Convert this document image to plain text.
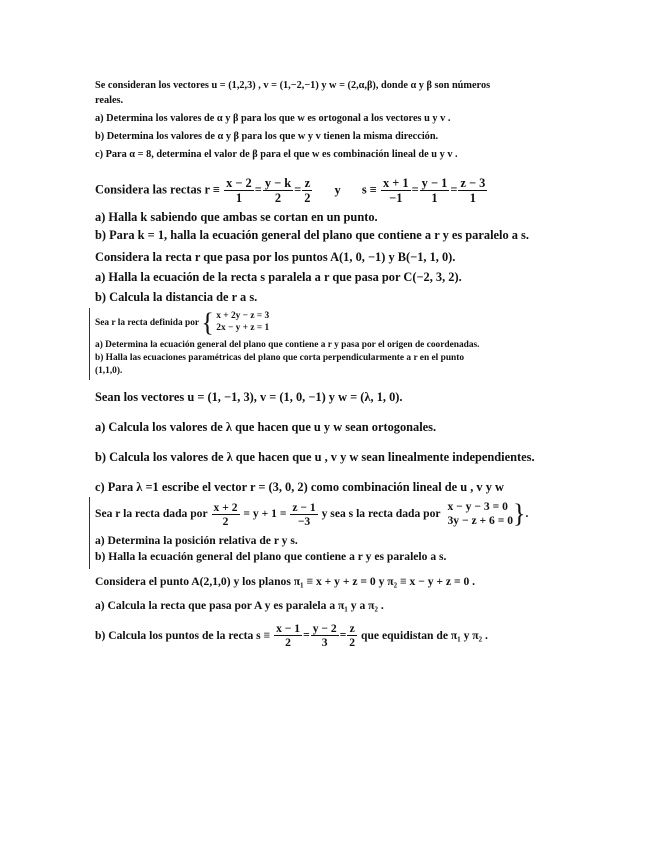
Se consideran los vectores u = (1,2,3) , v = (1,−2,−1) y w = (2,α,β), donde α y β son números
reales.
a) Determina los valores de α y β para los que w es ortogonal a los vectores u y v .
b) Determina los valores de α y β para los que w y v tienen la misma dirección.
c) Para α = 8, determina el valor de β para el que w es combinación lineal de u y v .
Considera las rectas $r \equiv \frac{x - 2}{1} = \frac{y - k}{2} = \frac{z}{2}$ y $s \equiv \frac{x + 1}{-1} = \frac{y - 1}{1} = \frac{z - 3}{1}$
a) Halla k sabiendo que ambas se cortan en un punto.
b) Para k = 1, halla la ecuación general del plano que contiene a r y es paralelo a s.
Considera la recta r que pasa por los puntos A(1, 0, −1) y B(−1, 1, 0).
a) Halla la ecuación de la recta s paralela a r que pasa por C(−2, 3, 2).
b) Calcula la distancia de r a s.
Sea r la recta definida por { x + 2y − z = 3
2x − y + z = 1
a) Determina la ecuación general del plano que contiene a r y pasa por el origen de coordenadas.
b) Halla las ecuaciones paramétricas del plano que corta perpendicularmente a r en el punto
(1,1,0).
Sean los vectores u = (1, −1, 3), v = (1, 0, −1) y w = (λ, 1, 0).
a) Calcula los valores de λ que hacen que u y w sean ortogonales.
b) Calcula los valores de λ que hacen que u , v y w sean linealmente independientes.
c) Para λ =1 escribe el vector r = (3, 0, 2) como combinación lineal de u , v y w
Sea r la recta dada por $\frac{x + 2}{2} = y + 1 = \frac{z - 1}{-3}$ y sea s la recta dada por
x − y − 3 = 0
3y − z + 6 = 0 }.
a) Determina la posición relativa de r y s.
b) Halla la ecuación general del plano que contiene a r y es paralelo a s.
Considera el punto A(2,1,0) y los planos π₁ ≡ x + y + z = 0 y π₂ ≡ x − y + z = 0 .
a) Calcula la recta que pasa por A y es paralela a π₁ y a π₂ .
b) Calcula los puntos de la recta $s \equiv \frac{x - 1}{2} = \frac{y - 2}{3} = \frac{z}{2}$ que equidistan de π₁ y π₂ .
